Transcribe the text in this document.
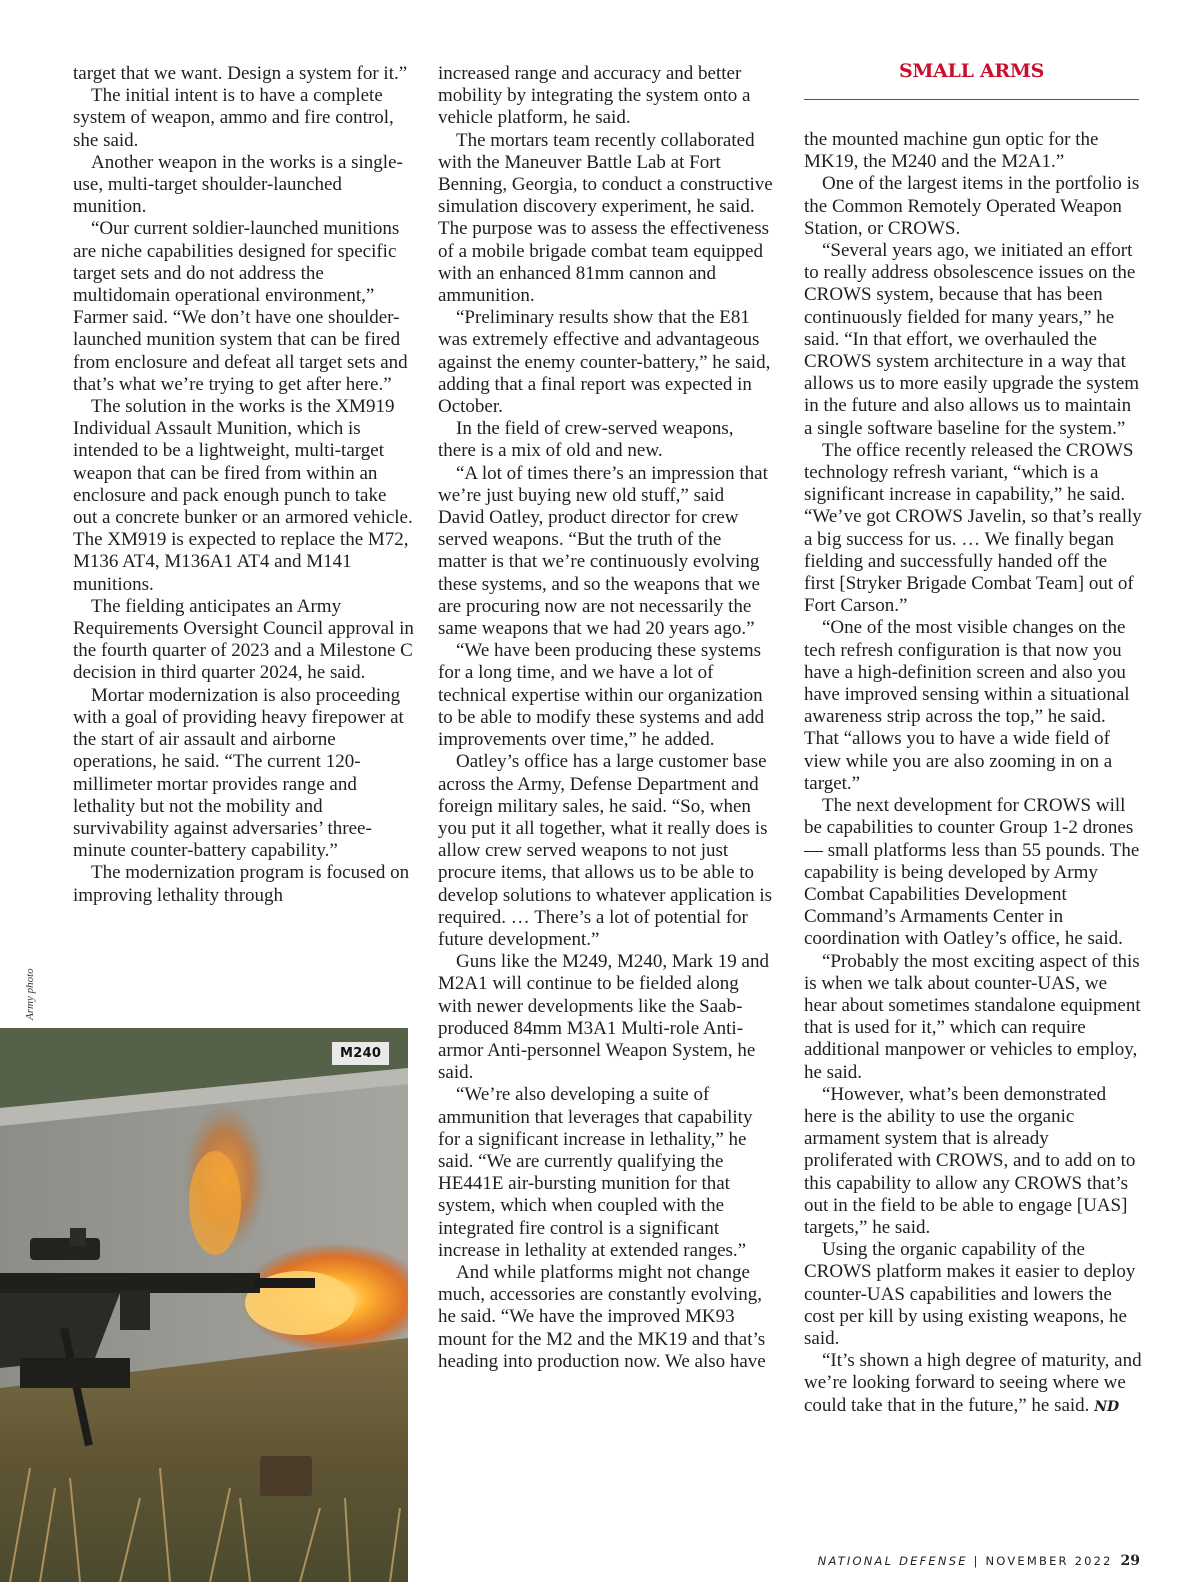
SMALL ARMS

target that we want. Design a system for it.”

The initial intent is to have a complete system of weapon, ammo and fire control, she said.

Another weapon in the works is a single-use, multi-target shoulder-launched munition.

“Our current soldier-launched munitions are niche capabilities designed for specific target sets and do not address the multidomain operational environment,” Farmer said. “We don’t have one shoulder-launched munition system that can be fired from enclosure and defeat all target sets and that’s what we’re trying to get after here.”

The solution in the works is the XM919 Individual Assault Munition, which is intended to be a lightweight, multi-target weapon that can be fired from within an enclosure and pack enough punch to take out a concrete bunker or an armored vehicle. The XM919 is expected to replace the M72, M136 AT4, M136A1 AT4 and M141 munitions.

The fielding anticipates an Army Requirements Oversight Council approval in the fourth quarter of 2023 and a Milestone C decision in third quarter 2024, he said.

Mortar modernization is also proceeding with a goal of providing heavy firepower at the start of air assault and airborne operations, he said. “The current 120-millimeter mortar provides range and lethality but not the mobility and survivability against adversaries’ three-minute counter-battery capability.”

The modernization program is focused on improving lethality through

Army photo
M240

increased range and accuracy and better mobility by integrating the system onto a vehicle platform, he said.

The mortars team recently collaborated with the Maneuver Battle Lab at Fort Benning, Georgia, to conduct a constructive simulation discovery experiment, he said. The purpose was to assess the effectiveness of a mobile brigade combat team equipped with an enhanced 81mm cannon and ammunition.

“Preliminary results show that the E81 was extremely effective and advantageous against the enemy counter-battery,” he said, adding that a final report was expected in October.

In the field of crew-served weapons, there is a mix of old and new.

“A lot of times there’s an impression that we’re just buying new old stuff,” said David Oatley, product director for crew served weapons. “But the truth of the matter is that we’re continuously evolving these systems, and so the weapons that we are procuring now are not necessarily the same weapons that we had 20 years ago.”

“We have been producing these systems for a long time, and we have a lot of technical expertise within our organization to be able to modify these systems and add improvements over time,” he added.

Oatley’s office has a large customer base across the Army, Defense Department and foreign military sales, he said. “So, when you put it all together, what it really does is allow crew served weapons to not just procure items, that allows us to be able to develop solutions to whatever application is required. … There’s a lot of potential for future development.”

Guns like the M249, M240, Mark 19 and M2A1 will continue to be fielded along with newer developments like the Saab-produced 84mm M3A1 Multi-role Anti-armor Anti-personnel Weapon System, he said.

“We’re also developing a suite of ammunition that leverages that capability for a significant increase in lethality,” he said. “We are currently qualifying the HE441E air-bursting munition for that system, which when coupled with the integrated fire control is a significant increase in lethality at extended ranges.”

And while platforms might not change much, accessories are constantly evolving, he said. “We have the improved MK93 mount for the M2 and the MK19 and that’s heading into production now. We also have

the mounted machine gun optic for the MK19, the M240 and the M2A1.”

One of the largest items in the portfolio is the Common Remotely Operated Weapon Station, or CROWS.

“Several years ago, we initiated an effort to really address obsolescence issues on the CROWS system, because that has been continuously fielded for many years,” he said. “In that effort, we overhauled the CROWS system architecture in a way that allows us to more easily upgrade the system in the future and also allows us to maintain a single software baseline for the system.”

The office recently released the CROWS technology refresh variant, “which is a significant increase in capability,” he said. “We’ve got CROWS Javelin, so that’s really a big success for us. … We finally began fielding and successfully handed off the first [Stryker Brigade Combat Team] out of Fort Carson.”

“One of the most visible changes on the tech refresh configuration is that now you have a high-definition screen and also you have improved sensing within a situational awareness strip across the top,” he said. That “allows you to have a wide field of view while you are also zooming in on a target.”

The next development for CROWS will be capabilities to counter Group 1-2 drones — small platforms less than 55 pounds. The capability is being developed by Army Combat Capabilities Development Command’s Armaments Center in coordination with Oatley’s office, he said.

“Probably the most exciting aspect of this is when we talk about counter-UAS, we hear about sometimes standalone equipment that is used for it,” which can require additional manpower or vehicles to employ, he said.

“However, what’s been demonstrated here is the ability to use the organic armament system that is already proliferated with CROWS, and to add on to this capability to allow any CROWS that’s out in the field to be able to engage [UAS] targets,” he said.

Using the organic capability of the CROWS platform makes it easier to deploy counter-UAS capabilities and lowers the cost per kill by using existing weapons, he said.

“It’s shown a high degree of maturity, and we’re looking forward to seeing where we could take that in the future,” he said. ND

NATIONAL DEFENSE | NOVEMBER 2022 29
